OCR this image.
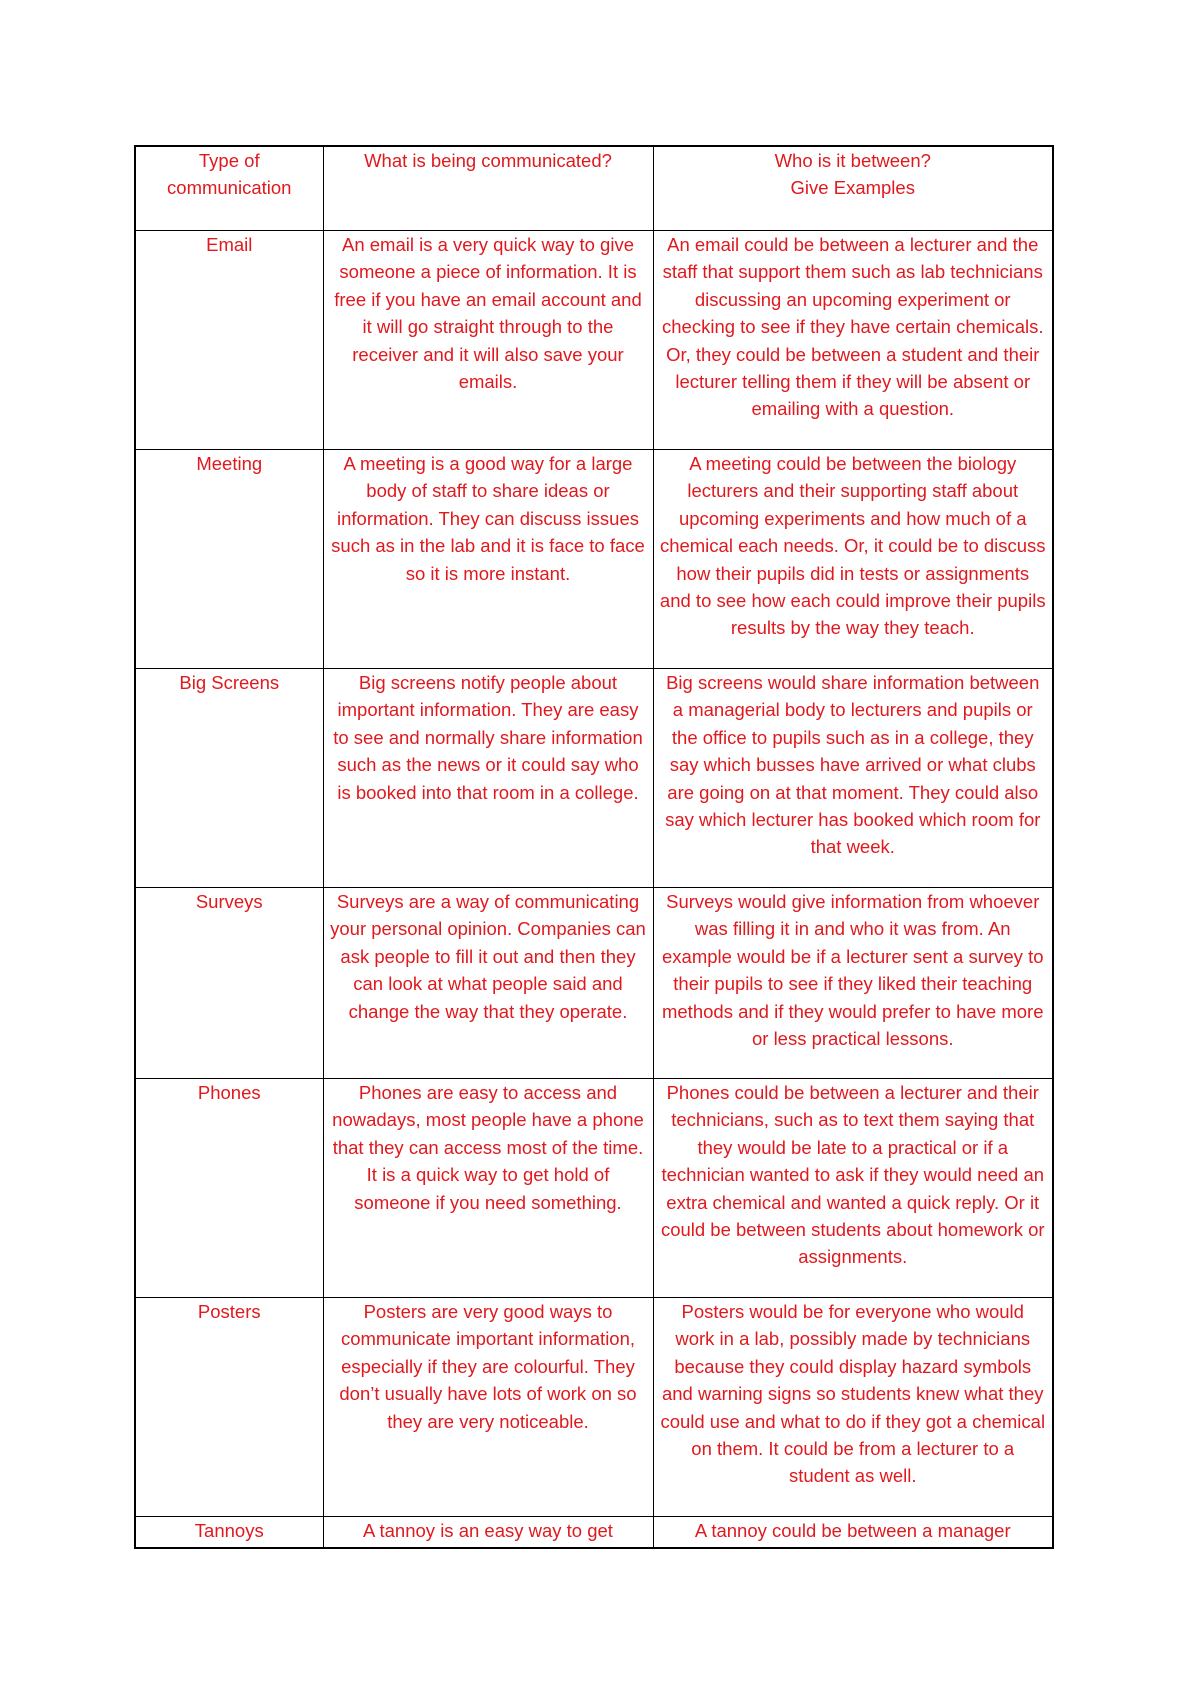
Type of communication	What is being communicated?	Who is it between?
Give Examples

Email	An email is a very quick way to give someone a piece of information. It is free if you have an email account and it will go straight through to the receiver and it will also save your emails.	An email could be between a lecturer and the staff that support them such as lab technicians discussing an upcoming experiment or checking to see if they have certain chemicals. Or, they could be between a student and their lecturer telling them if they will be absent or emailing with a question.
Meeting	A meeting is a good way for a large body of staff to share ideas or information. They can discuss issues such as in the lab and it is face to face so it is more instant.	A meeting could be between the biology lecturers and their supporting staff about upcoming experiments and how much of a chemical each needs. Or, it could be to discuss how their pupils did in tests or assignments and to see how each could improve their pupils results by the way they teach.
Big Screens	Big screens notify people about important information. They are easy to see and normally share information such as the news or it could say who is booked into that room in a college.	Big screens would share information between a managerial body to lecturers and pupils or the office to pupils such as in a college, they say which busses have arrived or what clubs are going on at that moment. They could also say which lecturer has booked which room for that week.
Surveys	Surveys are a way of communicating your personal opinion. Companies can ask people to fill it out and then they can look at what people said and change the way that they operate.	Surveys would give information from whoever was filling it in and who it was from. An example would be if a lecturer sent a survey to their pupils to see if they liked their teaching methods and if they would prefer to have more or less practical lessons.
Phones	Phones are easy to access and nowadays, most people have a phone that they can access most of the time. It is a quick way to get hold of someone if you need something.	Phones could be between a lecturer and their technicians, such as to text them saying that they would be late to a practical or if a technician wanted to ask if they would need an extra chemical and wanted a quick reply. Or it could be between students about homework or assignments.
Posters	Posters are very good ways to communicate important information, especially if they are colourful. They don’t usually have lots of work on so they are very noticeable.	Posters would be for everyone who would work in a lab, possibly made by technicians because they could display hazard symbols and warning signs so students knew what they could use and what to do if they got a chemical on them. It could be from a lecturer to a student as well.
Tannoys	A tannoy is an easy way to get	A tannoy could be between a manager
